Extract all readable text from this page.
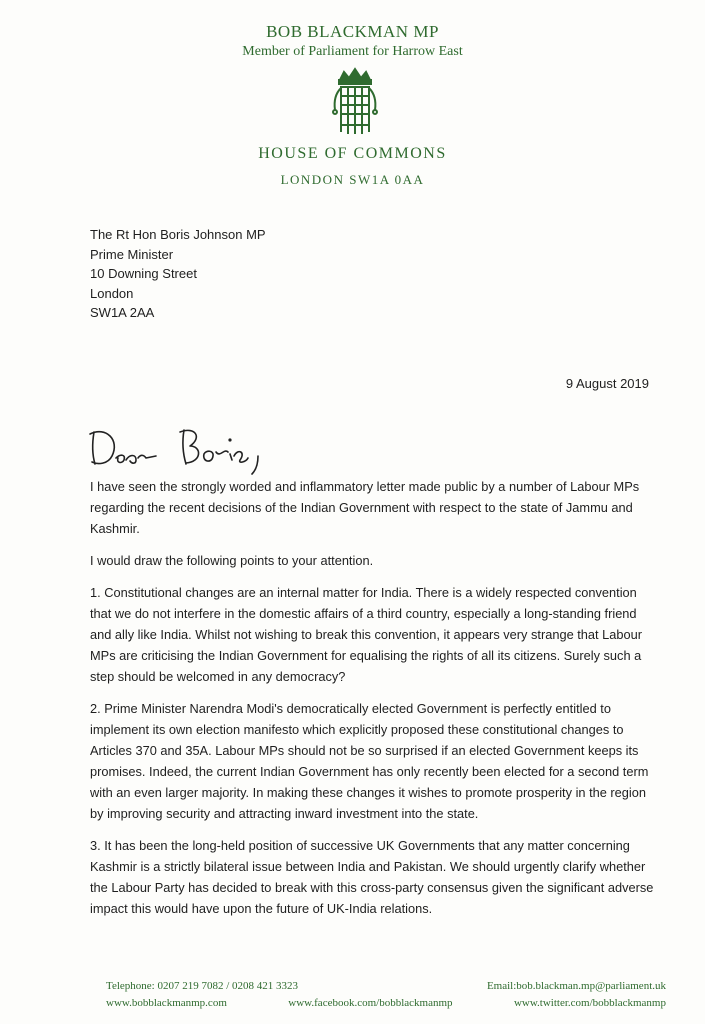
BOB BLACKMAN MP
Member of Parliament for Harrow East
HOUSE OF COMMONS
LONDON SW1A 0AA
The Rt Hon Boris Johnson MP
Prime Minister
10 Downing Street
London
SW1A 2AA
9 August 2019

I have seen the strongly worded and inflammatory letter made public by a number of Labour MPs regarding the recent decisions of the Indian Government with respect to the state of Jammu and Kashmir.

I would draw the following points to your attention.

1. Constitutional changes are an internal matter for India. There is a widely respected convention that we do not interfere in the domestic affairs of a third country, especially a long-standing friend and ally like India. Whilst not wishing to break this convention, it appears very strange that Labour MPs are criticising the Indian Government for equalising the rights of all its citizens. Surely such a step should be welcomed in any democracy?

2. Prime Minister Narendra Modi's democratically elected Government is perfectly entitled to implement its own election manifesto which explicitly proposed these constitutional changes to Articles 370 and 35A. Labour MPs should not be so surprised if an elected Government keeps its promises. Indeed, the current Indian Government has only recently been elected for a second term with an even larger majority. In making these changes it wishes to promote prosperity in the region by improving security and attracting inward investment into the state.

3. It has been the long-held position of successive UK Governments that any matter concerning Kashmir is a strictly bilateral issue between India and Pakistan. We should urgently clarify whether the Labour Party has decided to break with this cross-party consensus given the significant adverse impact this would have upon the future of UK-India relations.

Telephone: 0207 219 7082 / 0208 421 3323	Email:bob.blackman.mp@parliament.uk
www.bobblackmanmp.com	www.facebook.com/bobblackmanmp	www.twitter.com/bobblackmanmp
